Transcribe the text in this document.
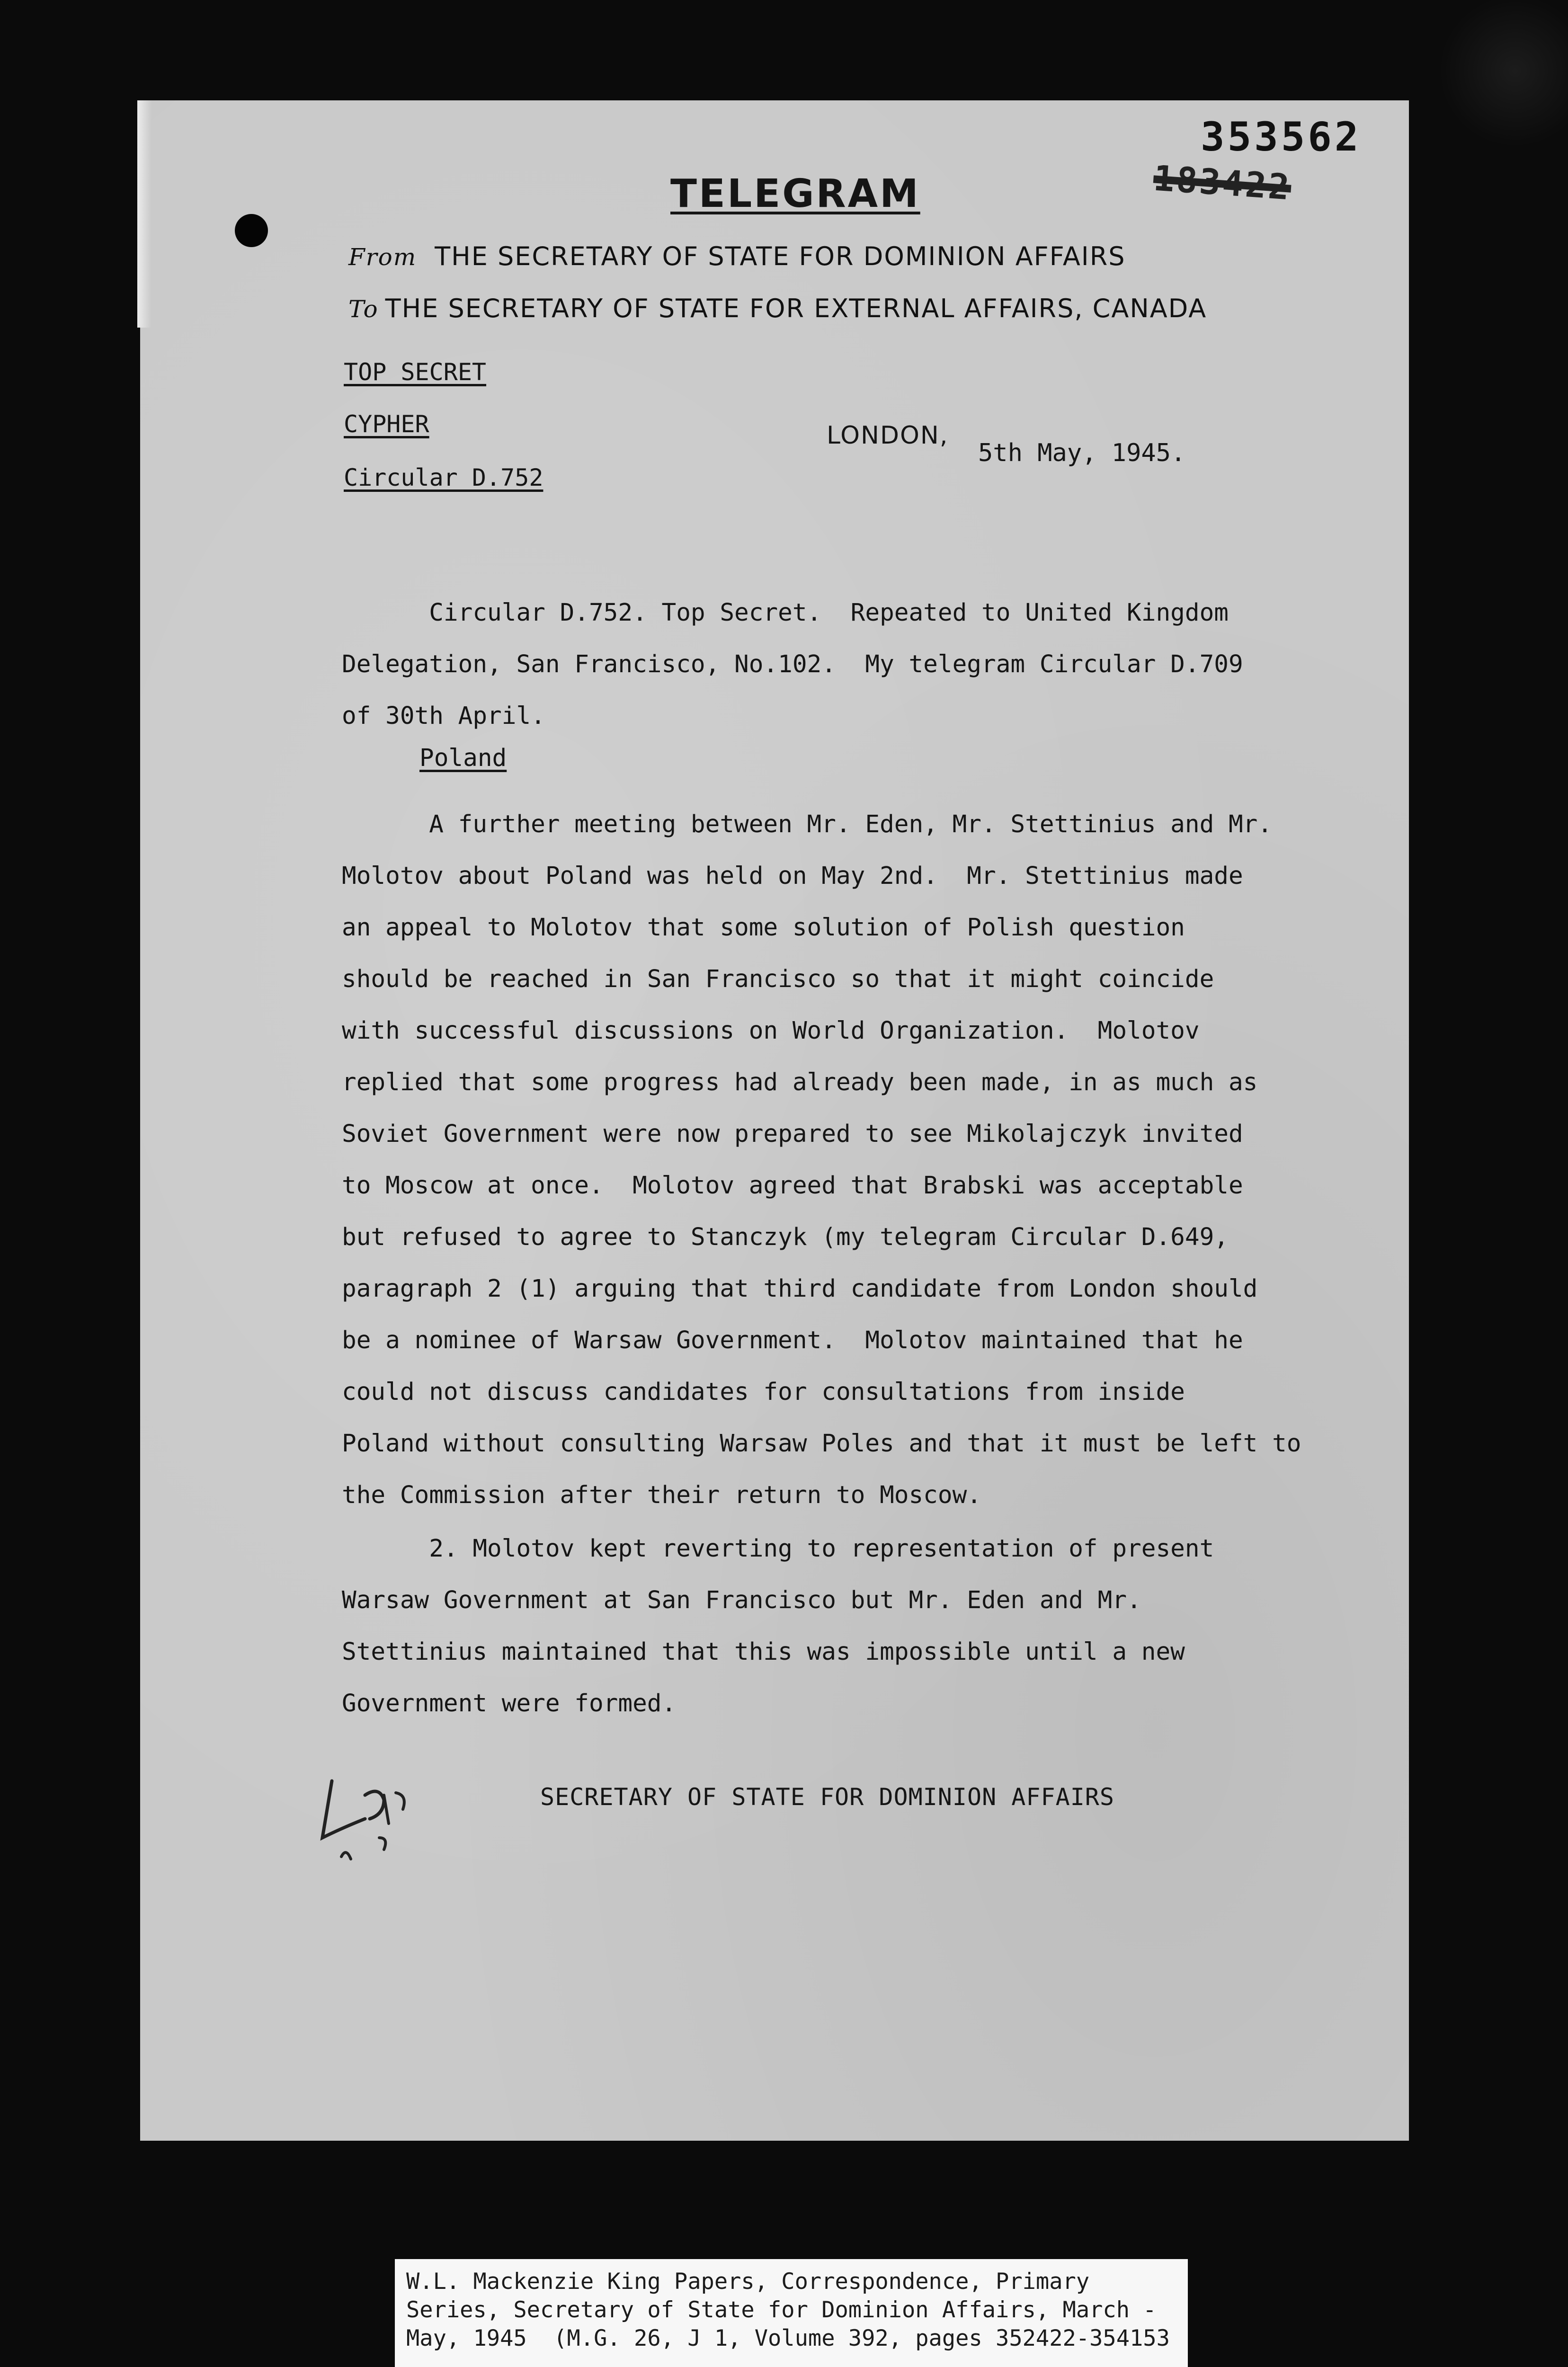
353562
183422
TELEGRAM
From THE SECRETARY OF STATE FOR DOMINION AFFAIRS
To THE SECRETARY OF STATE FOR EXTERNAL AFFAIRS, CANADA
TOP SECRET
CYPHER
Circular D.752
LONDON,
5th May, 1945.
Circular D.752. Top Secret.  Repeated to United Kingdom
Delegation, San Francisco, No.102.  My telegram Circular D.709
of 30th April.
Poland
A further meeting between Mr. Eden, Mr. Stettinius and Mr.
Molotov about Poland was held on May 2nd.  Mr. Stettinius made
an appeal to Molotov that some solution of Polish question
should be reached in San Francisco so that it might coincide
with successful discussions on World Organization.  Molotov
replied that some progress had already been made, in as much as
Soviet Government were now prepared to see Mikolajczyk invited
to Moscow at once.  Molotov agreed that Brabski was acceptable
but refused to agree to Stanczyk (my telegram Circular D.649,
paragraph 2 (1) arguing that third candidate from London should
be a nominee of Warsaw Government.  Molotov maintained that he
could not discuss candidates for consultations from inside
Poland without consulting Warsaw Poles and that it must be left to
the Commission after their return to Moscow.
2. Molotov kept reverting to representation of present
Warsaw Government at San Francisco but Mr. Eden and Mr.
Stettinius maintained that this was impossible until a new
Government were formed.
SECRETARY OF STATE FOR DOMINION AFFAIRS
W.L. Mackenzie King Papers, Correspondence, Primary
Series, Secretary of State for Dominion Affairs, March -
May, 1945  (M.G. 26, J 1, Volume 392, pages 352422-354153
